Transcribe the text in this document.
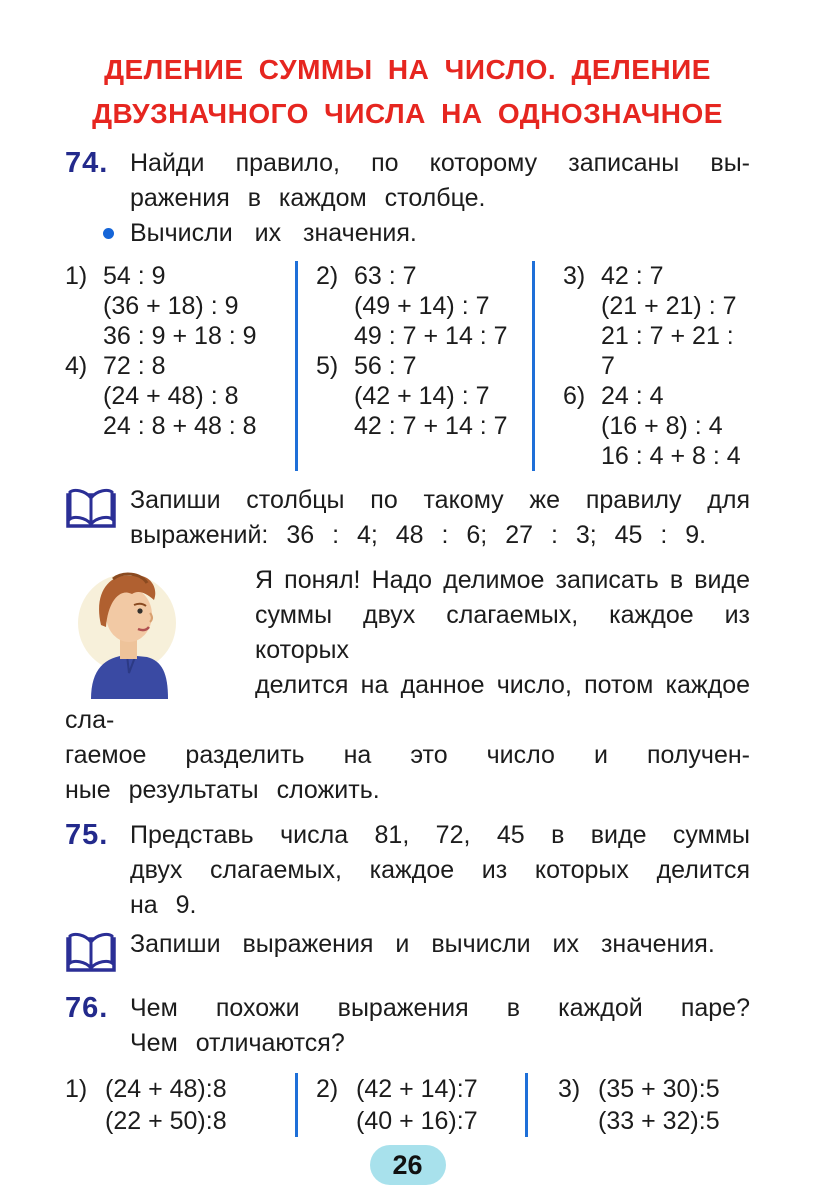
ДЕЛЕНИЕ СУММЫ НА ЧИСЛО. ДЕЛЕНИЕ
ДВУЗНАЧНОГО ЧИСЛА НА ОДНОЗНАЧНОЕ
74. Найди правило, по которому записаны вы-
ражения в каждом столбце.
Вычисли их значения.
1) 54 : 9
(36 + 18) : 9
36 : 9 + 18 : 9
4) 72 : 8
(24 + 48) : 8
24 : 8 + 48 : 8
2) 63 : 7
(49 + 14) : 7
49 : 7 + 14 : 7
5) 56 : 7
(42 + 14) : 7
42 : 7 + 14 : 7
3) 42 : 7
(21 + 21) : 7
21 : 7 + 21 : 7
6) 24 : 4
(16 + 8) : 4
16 : 4 + 8 : 4
Запиши столбцы по такому же правилу для
выражений: 36 : 4; 48 : 6; 27 : 3; 45 : 9.
Я понял! Надо делимое записать в виде
суммы двух слагаемых, каждое из которых
делится на данное число, потом каждое сла-
гаемое разделить на это число и получен-
ные результаты сложить.
75. Представь числа 81, 72, 45 в виде суммы
двух слагаемых, каждое из которых делится
на 9.
Запиши выражения и вычисли их значения.
76. Чем похожи выражения в каждой паре?
Чем отличаются?
1) (24 + 48):8
(22 + 50):8
2) (42 + 14):7
(40 + 16):7
3) (35 + 30):5
(33 + 32):5
26
